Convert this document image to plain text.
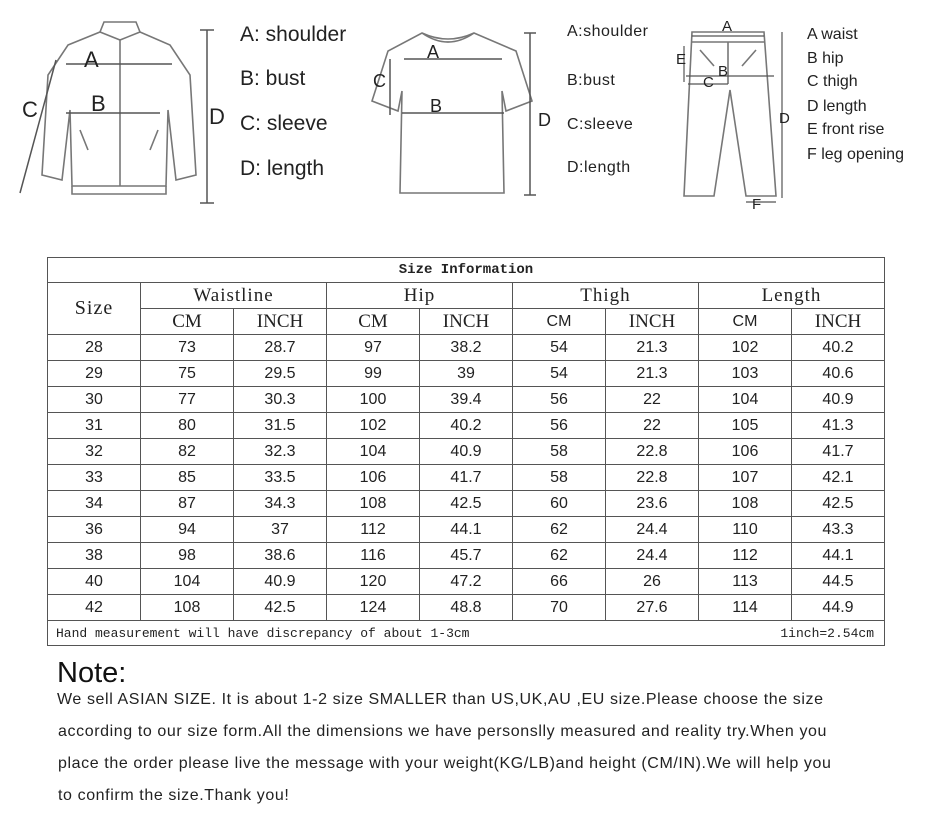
A
B
C	D
A: shoulder
B: bust
C: sleeve
D: length
A
B
C
D
A:shoulder
B:bust
C:sleeve
D:length
A
B
C
D
E
F
A waist
B hip
C thigh
D length
E front rise
F leg opening
Size Information								
Size	Waistline		Hip		Thigh		Length	
	CM	INCH	CM	INCH	CM	INCH	CM	INCH
28	73	28.7	97	38.2	54	21.3	102	40.2
29	75	29.5	99	39	54	21.3	103	40.6
30	77	30.3	100	39.4	56	22	104	40.9
31	80	31.5	102	40.2	56	22	105	41.3
32	82	32.3	104	40.9	58	22.8	106	41.7
33	85	33.5	106	41.7	58	22.8	107	42.1
34	87	34.3	108	42.5	60	23.6	108	42.5
36	94	37	112	44.1	62	24.4	110	43.3
38	98	38.6	116	45.7	62	24.4	112	44.1
40	104	40.9	120	47.2	66	26	113	44.5
42	108	42.5	124	48.8	70	27.6	114	44.9

Hand measurement will have discrepancy of about 1-3cm 1inch=2.54cm								
Note:
We sell ASIAN SIZE. It is about 1-2 size SMALLER than US,UK,AU ,EU size.Please choose the size
according to our size form.All the dimensions we have personslly measured and reality try.When you
place the order please live the message with your weight(KG/LB)and height (CM/IN).We will help you
to confirm the size.Thank you!
